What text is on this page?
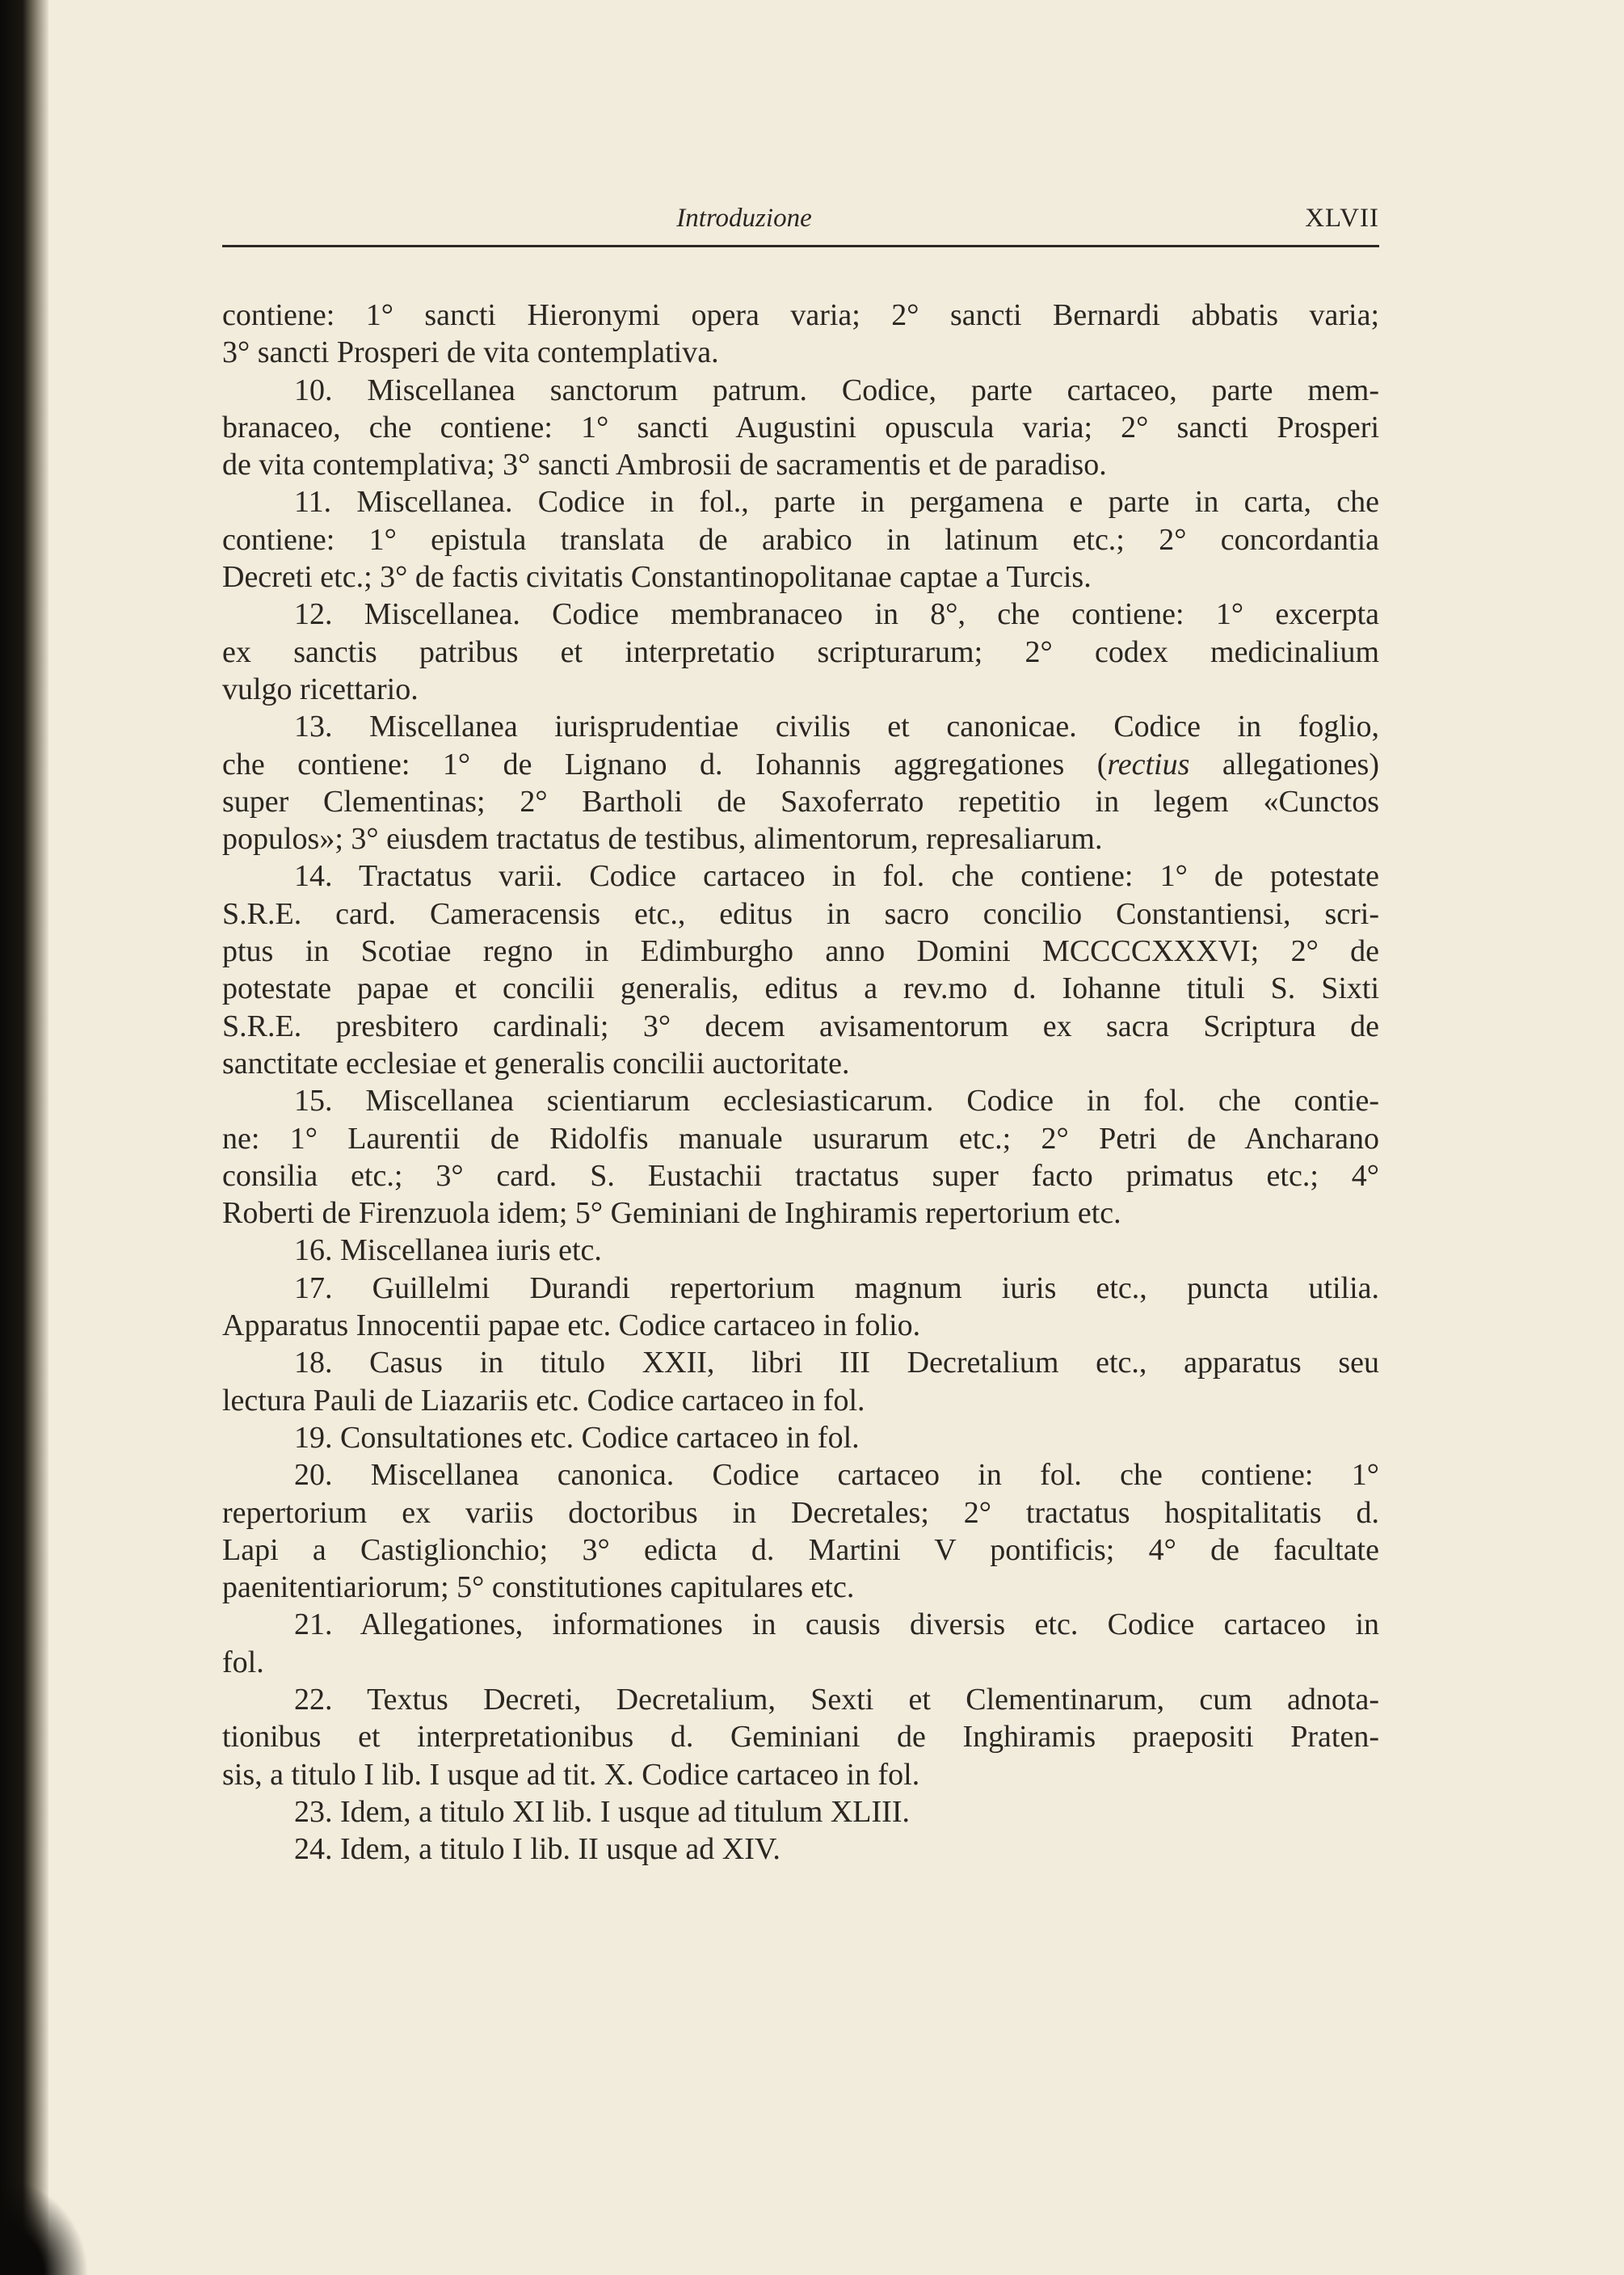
Introduzione	XLVII
contiene: 1° sancti Hieronymi opera varia; 2° sancti Bernardi abbatis varia;
3° sancti Prosperi de vita contemplativa.
10. Miscellanea sanctorum patrum. Codice, parte cartaceo, parte mem-
branaceo, che contiene: 1° sancti Augustini opuscula varia; 2° sancti Prosperi
de vita contemplativa; 3° sancti Ambrosii de sacramentis et de paradiso.
11. Miscellanea. Codice in fol., parte in pergamena e parte in carta, che
contiene: 1° epistula translata de arabico in latinum etc.; 2° concordantia
Decreti etc.; 3° de factis civitatis Constantinopolitanae captae a Turcis.
12. Miscellanea. Codice membranaceo in 8°, che contiene: 1° excerpta
ex sanctis patribus et interpretatio scripturarum; 2° codex medicinalium
vulgo ricettario.
13. Miscellanea iurisprudentiae civilis et canonicae. Codice in foglio,
che contiene: 1° de Lignano d. Iohannis aggregationes (rectius allegationes)
super Clementinas; 2° Bartholi de Saxoferrato repetitio in legem «Cunctos
populos»; 3° eiusdem tractatus de testibus, alimentorum, represaliarum.
14. Tractatus varii. Codice cartaceo in fol. che contiene: 1° de potestate
S.R.E. card. Cameracensis etc., editus in sacro concilio Constantiensi, scri-
ptus in Scotiae regno in Edimburgho anno Domini MCCCCXXXVI; 2° de
potestate papae et concilii generalis, editus a rev.mo d. Iohanne tituli S. Sixti
S.R.E. presbitero cardinali; 3° decem avisamentorum ex sacra Scriptura de
sanctitate ecclesiae et generalis concilii auctoritate.
15. Miscellanea scientiarum ecclesiasticarum. Codice in fol. che contie-
ne: 1° Laurentii de Ridolfis manuale usurarum etc.; 2° Petri de Ancharano
consilia etc.; 3° card. S. Eustachii tractatus super facto primatus etc.; 4°
Roberti de Firenzuola idem; 5° Geminiani de Inghiramis repertorium etc.
16. Miscellanea iuris etc.
17. Guillelmi Durandi repertorium magnum iuris etc., puncta utilia.
Apparatus Innocentii papae etc. Codice cartaceo in folio.
18. Casus in titulo XXII, libri III Decretalium etc., apparatus seu
lectura Pauli de Liazariis etc. Codice cartaceo in fol.
19. Consultationes etc. Codice cartaceo in fol.
20. Miscellanea canonica. Codice cartaceo in fol. che contiene: 1°
repertorium ex variis doctoribus in Decretales; 2° tractatus hospitalitatis d.
Lapi a Castiglionchio; 3° edicta d. Martini V pontificis; 4° de facultate
paenitentiariorum; 5° constitutiones capitulares etc.
21. Allegationes, informationes in causis diversis etc. Codice cartaceo in
fol.
22. Textus Decreti, Decretalium, Sexti et Clementinarum, cum adnota-
tionibus et interpretationibus d. Geminiani de Inghiramis praepositi Praten-
sis, a titulo I lib. I usque ad tit. X. Codice cartaceo in fol.
23. Idem, a titulo XI lib. I usque ad titulum XLIII.
24. Idem, a titulo I lib. II usque ad XIV.
